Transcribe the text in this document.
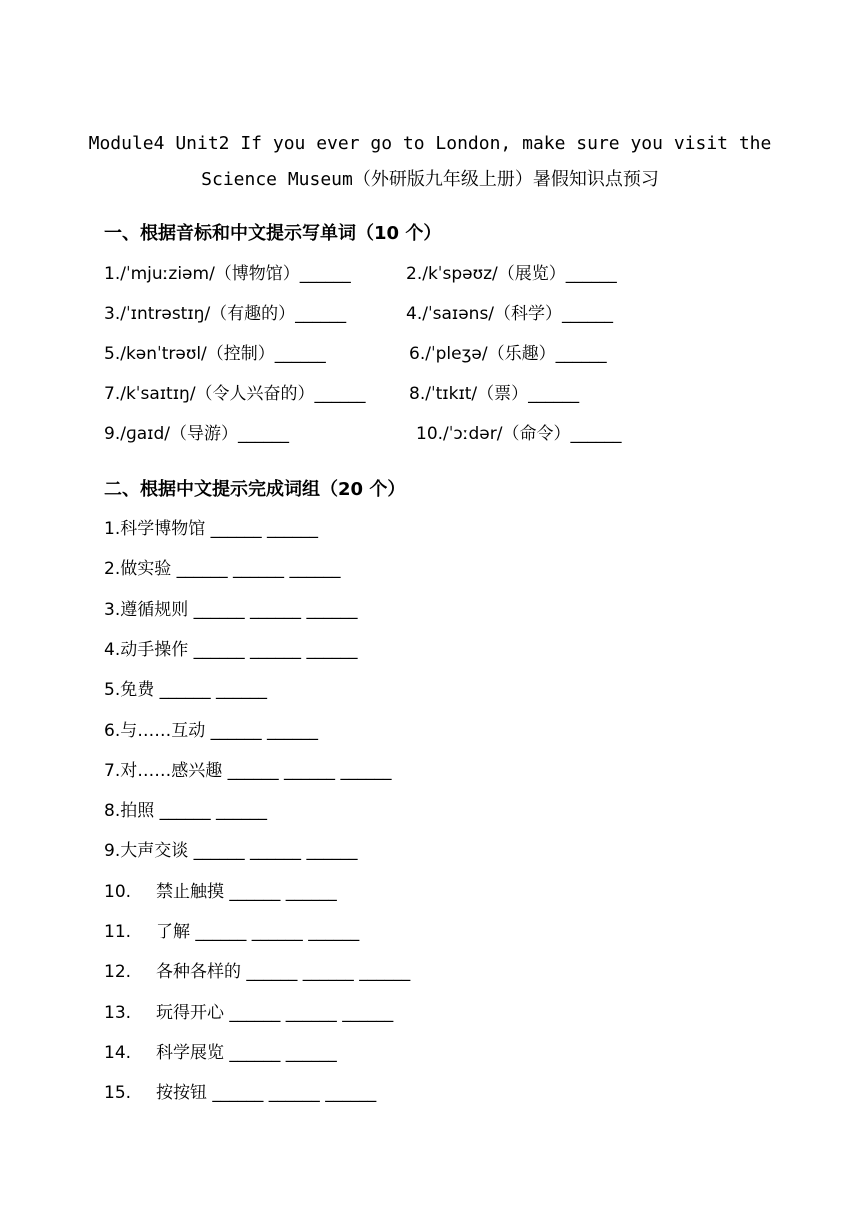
Module4 Unit2 If you ever go to London, make sure you visit the
Science Museum（外研版九年级上册）暑假知识点预习
一、根据音标和中文提示写单词（10 个）
1./ˈmjuːziəm/（博物馆）______	2./kˈspəʊz/（展览）______
3./ˈɪntrəstɪŋ/（有趣的）______	4./ˈsaɪəns/（科学）______
5./kənˈtrəʊl/（控制）______	6./ˈpleʒə/（乐趣）______
7./kˈsaɪtɪŋ/（令人兴奋的）______	8./ˈtɪkɪt/（票）______
9./ɡaɪd/（导游）______	10./ˈɔːdər/（命令）______
二、根据中文提示完成词组（20 个）
1.科学博物馆 ______ ______
2.做实验 ______ ______ ______
3.遵循规则 ______ ______ ______
4.动手操作 ______ ______ ______
5.免费 ______ ______
6.与……互动 ______ ______
7.对……感兴趣 ______ ______ ______
8.拍照 ______ ______
9.大声交谈 ______ ______ ______
10. 禁止触摸 ______ ______
11. 了解 ______ ______ ______
12. 各种各样的 ______ ______ ______
13. 玩得开心 ______ ______ ______
14. 科学展览 ______ ______
15. 按按钮 ______ ______ ______
